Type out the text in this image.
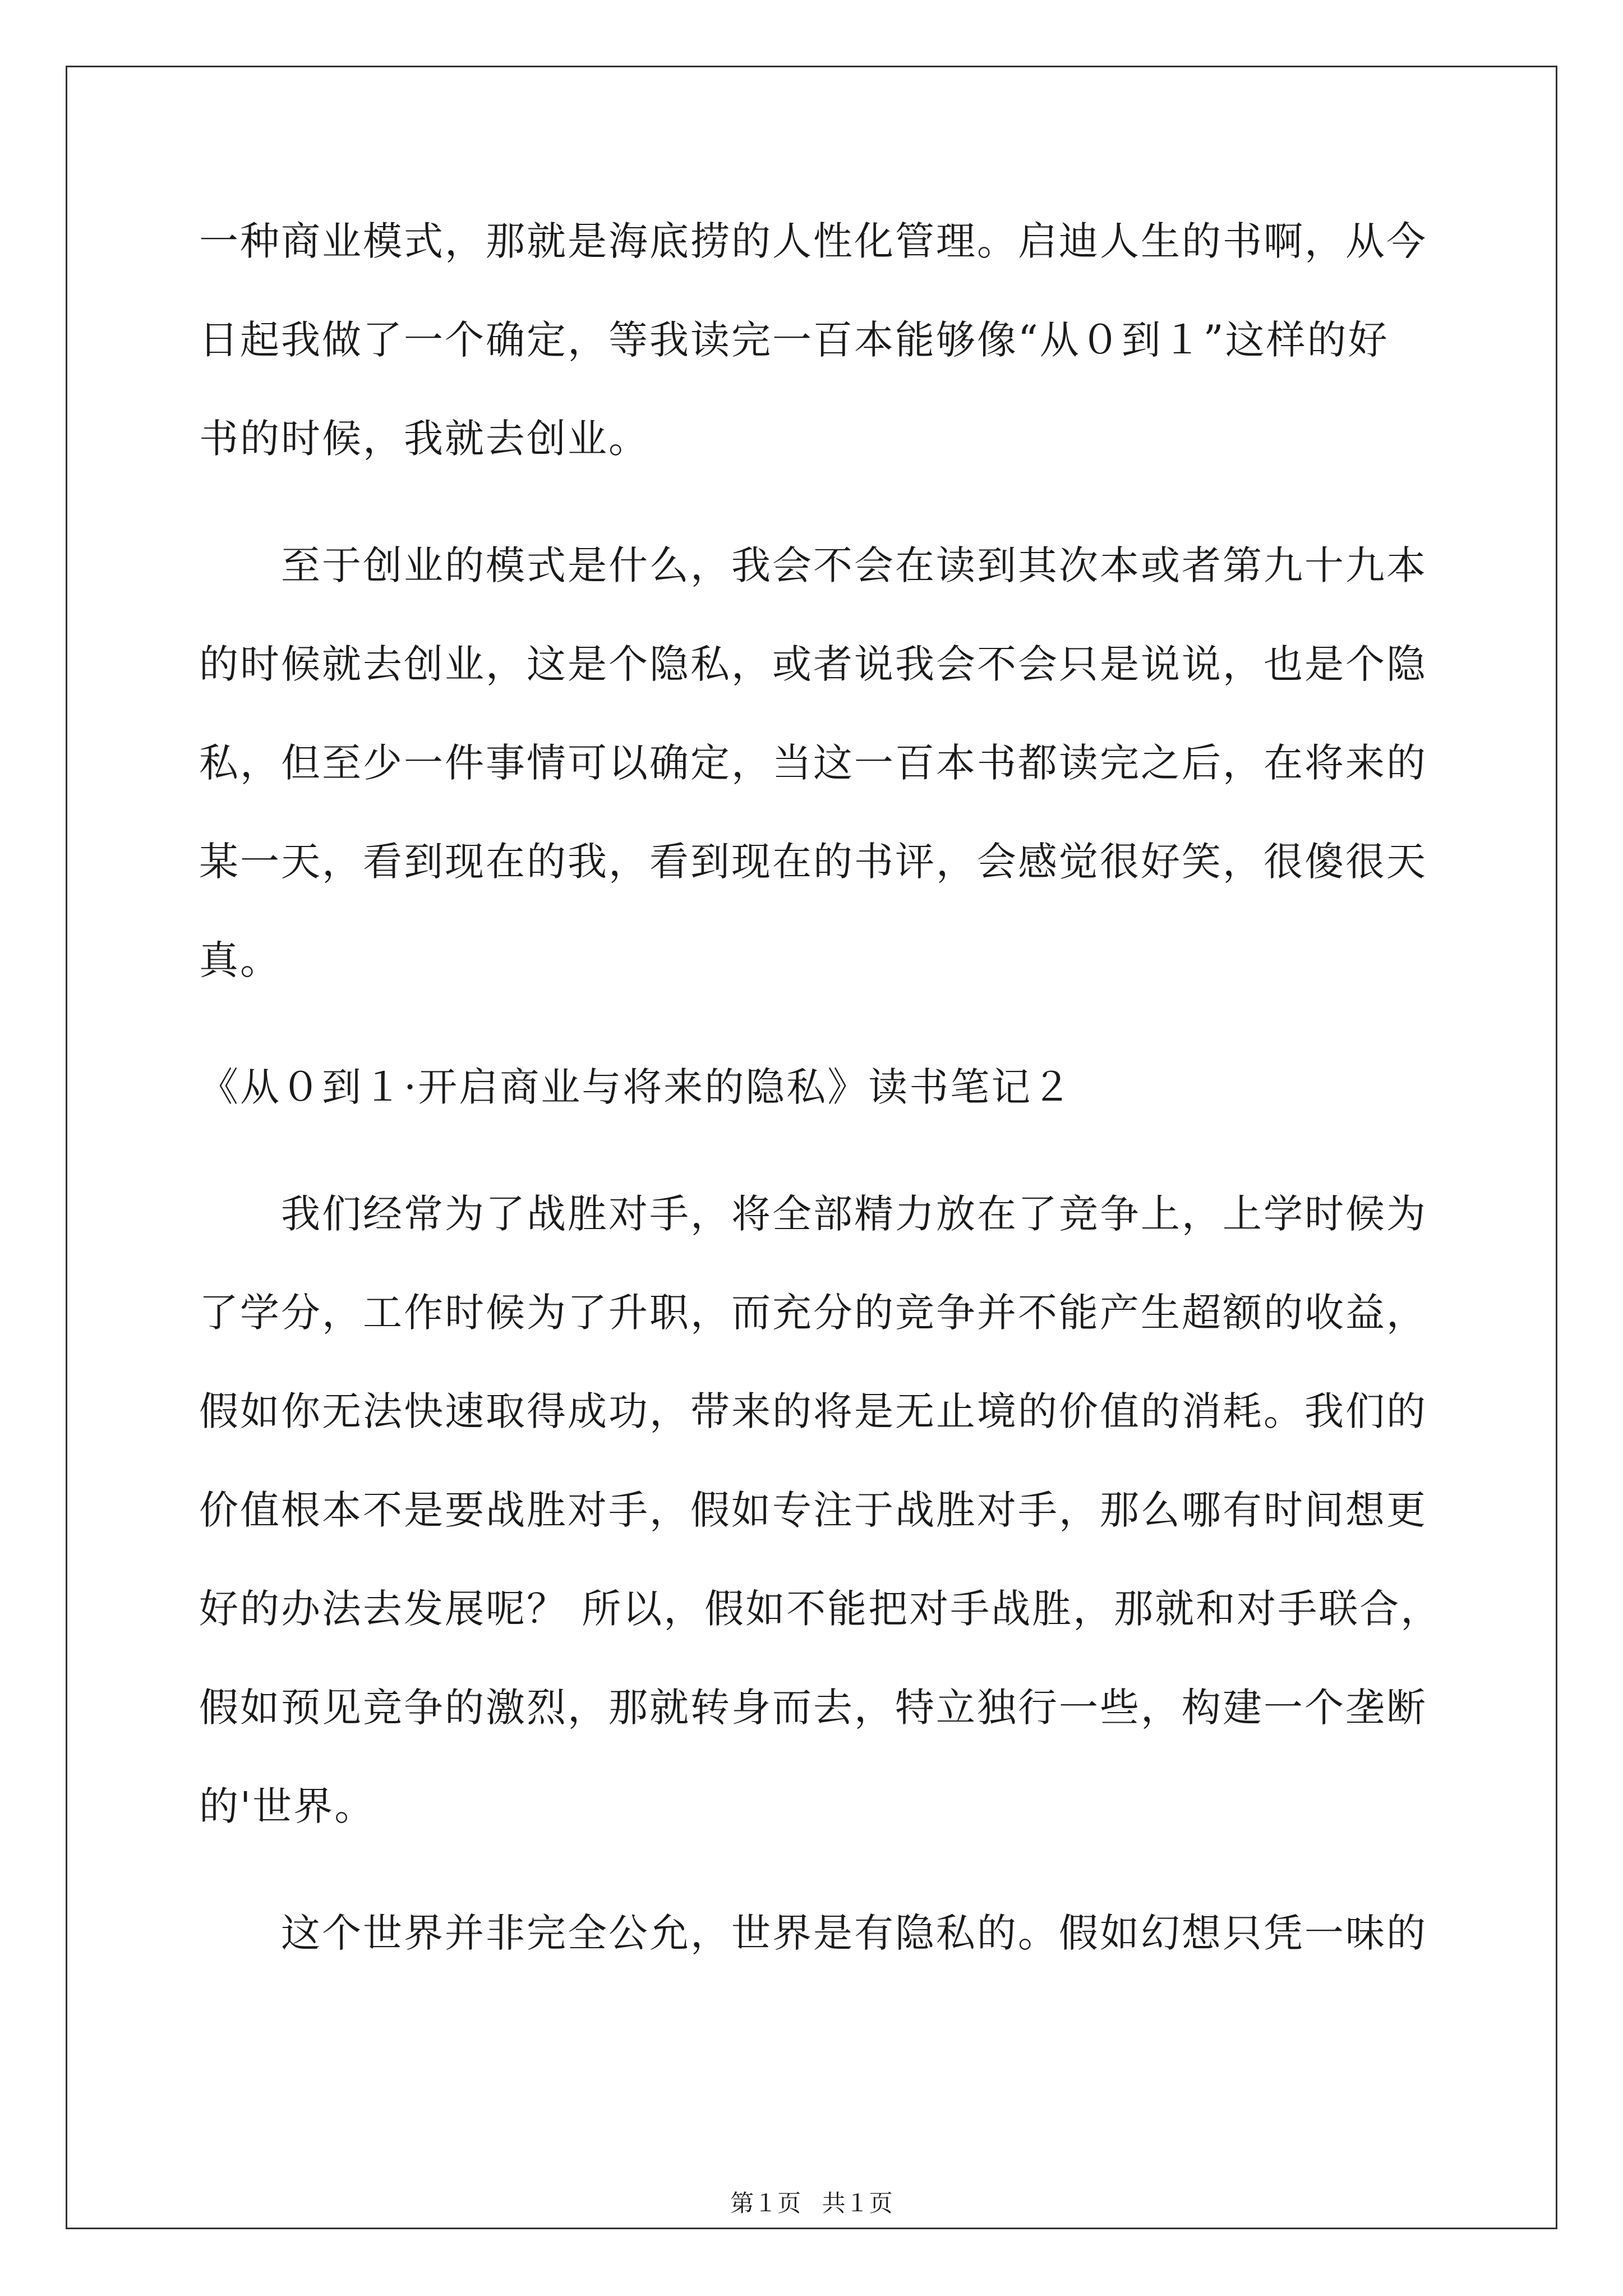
一种商业模式，那就是海底捞的人性化管理。启迪人生的书啊，从今
日起我做了一个确定，等我读完一百本能够像“从０到１”这样的好
书的时候，我就去创业。
　　至于创业的模式是什么，我会不会在读到其次本或者第九十九本
的时候就去创业，这是个隐私，或者说我会不会只是说说，也是个隐
私，但至少一件事情可以确定，当这一百本书都读完之后，在将来的
某一天，看到现在的我，看到现在的书评，会感觉很好笑，很傻很天
真。
《从０到１·开启商业与将来的隐私》读书笔记２
　　我们经常为了战胜对手，将全部精力放在了竞争上，上学时候为
了学分，工作时候为了升职，而充分的竞争并不能产生超额的收益，
假如你无法快速取得成功，带来的将是无止境的价值的消耗。我们的
价值根本不是要战胜对手，假如专注于战胜对手，那么哪有时间想更
好的办法去发展呢？ 所以，假如不能把对手战胜，那就和对手联合，
假如预见竞争的激烈，那就转身而去，特立独行一些，构建一个垄断
的'世界。
　　这个世界并非完全公允，世界是有隐私的。假如幻想只凭一味的
第１页 共１页
